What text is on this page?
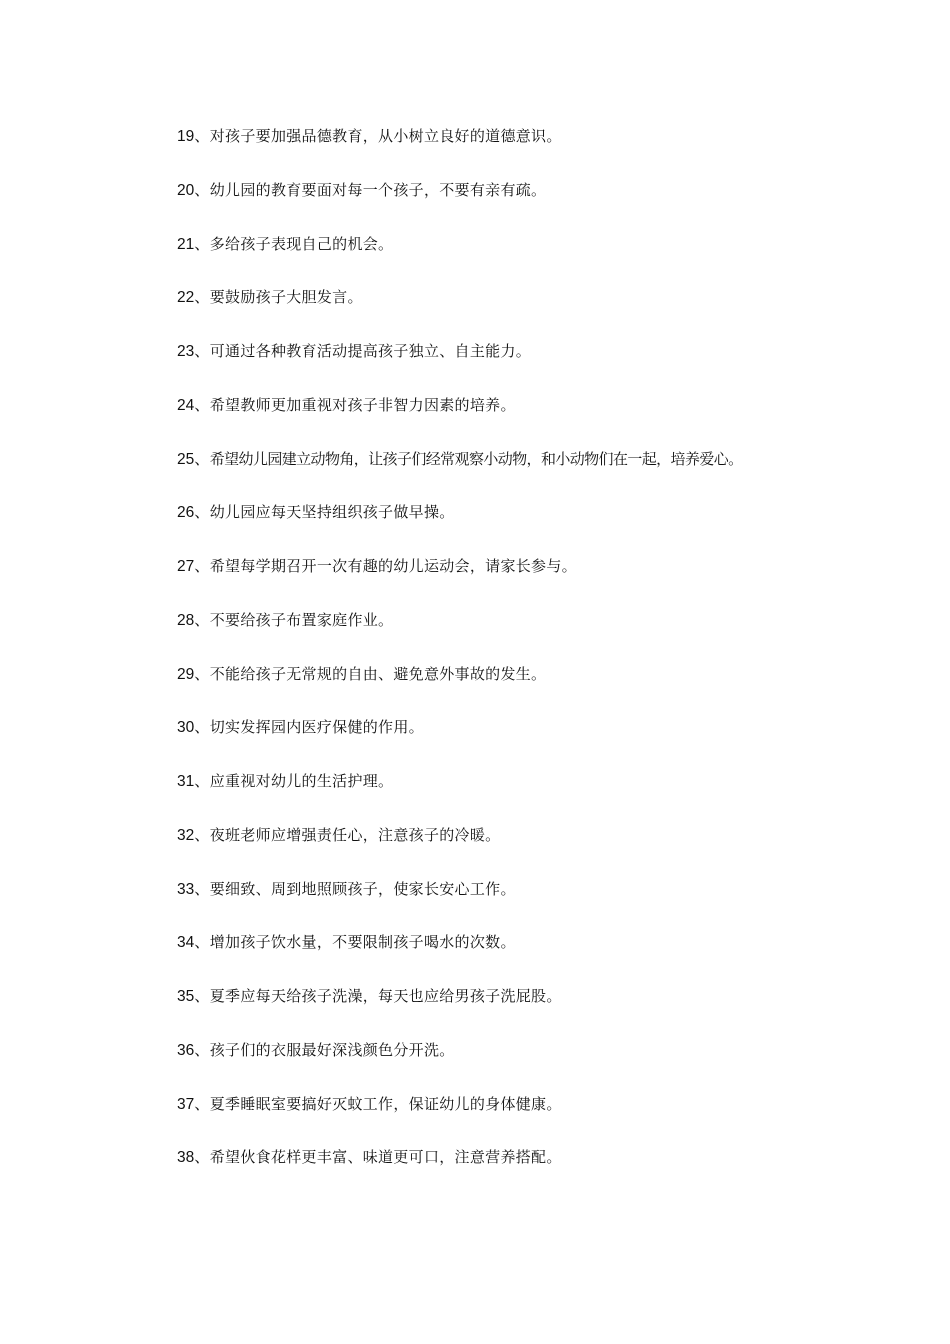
19、对孩子要加强品德教育，从小树立良好的道德意识。
20、幼儿园的教育要面对每一个孩子，不要有亲有疏。
21、多给孩子表现自己的机会。
22、要鼓励孩子大胆发言。
23、可通过各种教育活动提高孩子独立、自主能力。
24、希望教师更加重视对孩子非智力因素的培养。
25、希望幼儿园建立动物角，让孩子们经常观察小动物，和小动物们在一起，培养爱心。
26、幼儿园应每天坚持组织孩子做早操。
27、希望每学期召开一次有趣的幼儿运动会，请家长参与。
28、不要给孩子布置家庭作业。
29、不能给孩子无常规的自由、避免意外事故的发生。
30、切实发挥园内医疗保健的作用。
31、应重视对幼儿的生活护理。
32、夜班老师应增强责任心，注意孩子的冷暖。
33、要细致、周到地照顾孩子，使家长安心工作。
34、增加孩子饮水量，不要限制孩子喝水的次数。
35、夏季应每天给孩子洗澡，每天也应给男孩子洗屁股。
36、孩子们的衣服最好深浅颜色分开洗。
37、夏季睡眠室要搞好灭蚊工作，保证幼儿的身体健康。
38、希望伙食花样更丰富、味道更可口，注意营养搭配。
